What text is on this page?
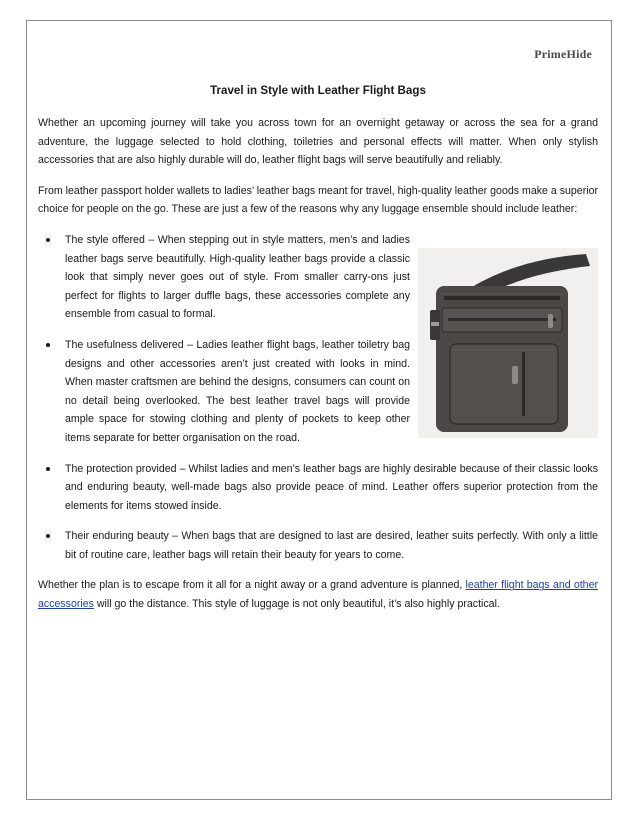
PrimeHide
Travel in Style with Leather Flight Bags

Whether an upcoming journey will take you across town for an overnight getaway or across the sea for a grand adventure, the luggage selected to hold clothing, toiletries and personal effects will matter. When only stylish accessories that are also highly durable will do, leather flight bags will serve beautifully and reliably.

From leather passport holder wallets to ladies’ leather bags meant for travel, high-quality leather goods make a superior choice for people on the go. These are just a few of the reasons why any luggage ensemble should include leather:

The style offered – When stepping out in style matters, men’s and ladies leather bags serve beautifully. High-quality leather bags provide a classic look that simply never goes out of style. From smaller carry-ons just perfect for flights to larger duffle bags, these accessories complete any ensemble from casual to formal.
The usefulness delivered – Ladies leather flight bags, leather toiletry bag designs and other accessories aren’t just created with looks in mind. When master craftsmen are behind the designs, consumers can count on no detail being overlooked. The best leather travel bags will provide ample space for stowing clothing and plenty of pockets to keep other items separate for better organisation on the road.
The protection provided – Whilst ladies and men’s leather bags are highly desirable because of their classic looks and enduring beauty, well-made bags also provide peace of mind. Leather offers superior protection from the elements for items stowed inside.
Their enduring beauty – When bags that are designed to last are desired, leather suits perfectly. With only a little bit of routine care, leather bags will retain their beauty for years to come.

Whether the plan is to escape from it all for a night away or a grand adventure is planned, leather flight bags and other accessories will go the distance. This style of luggage is not only beautiful, it’s also highly practical.
